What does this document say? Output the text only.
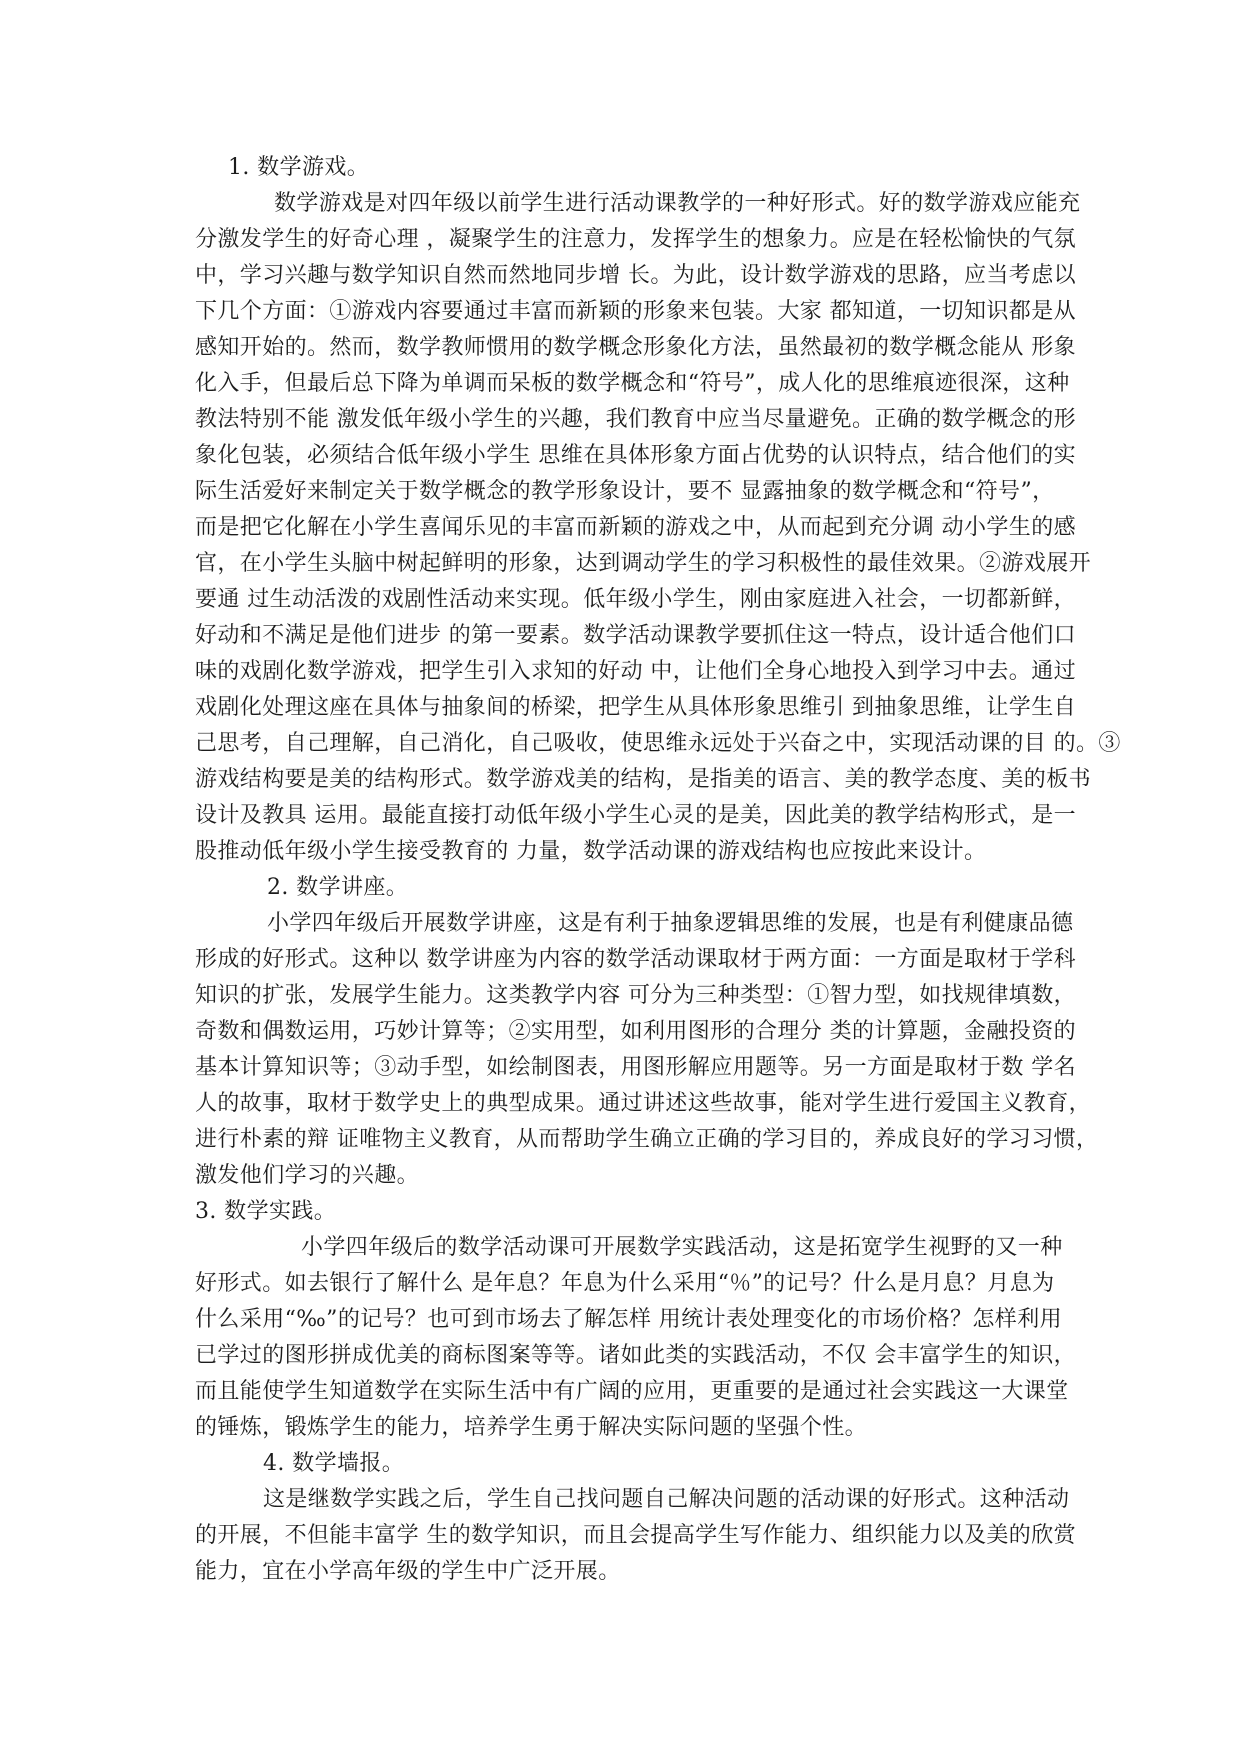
1. 数学游戏。
数学游戏是对四年级以前学生进行活动课教学的一种好形式。好的数学游戏应能充
分激发学生的好奇心理 ，凝聚学生的注意力，发挥学生的想象力。应是在轻松愉快的气氛
中，学习兴趣与数学知识自然而然地同步增 长。为此，设计数学游戏的思路，应当考虑以
下几个方面：①游戏内容要通过丰富而新颖的形象来包装。大家 都知道，一切知识都是从
感知开始的。然而，数学教师惯用的数学概念形象化方法，虽然最初的数学概念能从 形象
化入手，但最后总下降为单调而呆板的数学概念和“符号”，成人化的思维痕迹很深，这种
教法特别不能 激发低年级小学生的兴趣，我们教育中应当尽量避免。正确的数学概念的形
象化包装，必须结合低年级小学生 思维在具体形象方面占优势的认识特点，结合他们的实
际生活爱好来制定关于数学概念的教学形象设计，要不 显露抽象的数学概念和“符号”，
而是把它化解在小学生喜闻乐见的丰富而新颖的游戏之中，从而起到充分调 动小学生的感
官，在小学生头脑中树起鲜明的形象，达到调动学生的学习积极性的最佳效果。②游戏展开
要通 过生动活泼的戏剧性活动来实现。低年级小学生，刚由家庭进入社会，一切都新鲜，
好动和不满足是他们进步 的第一要素。数学活动课教学要抓住这一特点，设计适合他们口
味的戏剧化数学游戏，把学生引入求知的好动 中，让他们全身心地投入到学习中去。通过
戏剧化处理这座在具体与抽象间的桥梁，把学生从具体形象思维引 到抽象思维，让学生自
己思考，自己理解，自己消化，自己吸收，使思维永远处于兴奋之中，实现活动课的目 的。③
游戏结构要是美的结构形式。数学游戏美的结构，是指美的语言、美的教学态度、美的板书
设计及教具 运用。最能直接打动低年级小学生心灵的是美，因此美的教学结构形式，是一
股推动低年级小学生接受教育的 力量，数学活动课的游戏结构也应按此来设计。
2. 数学讲座。
小学四年级后开展数学讲座，这是有利于抽象逻辑思维的发展，也是有利健康品德
形成的好形式。这种以 数学讲座为内容的数学活动课取材于两方面：一方面是取材于学科
知识的扩张，发展学生能力。这类教学内容 可分为三种类型：①智力型，如找规律填数，
奇数和偶数运用，巧妙计算等；②实用型，如利用图形的合理分 类的计算题，金融投资的
基本计算知识等；③动手型，如绘制图表，用图形解应用题等。另一方面是取材于数 学名
人的故事，取材于数学史上的典型成果。通过讲述这些故事，能对学生进行爱国主义教育，
进行朴素的辩 证唯物主义教育，从而帮助学生确立正确的学习目的，养成良好的学习习惯，
激发他们学习的兴趣。
3. 数学实践。
小学四年级后的数学活动课可开展数学实践活动，这是拓宽学生视野的又一种
好形式。如去银行了解什么 是年息？年息为什么采用“％”的记号？什么是月息？月息为
什么采用“‰”的记号？也可到市场去了解怎样 用统计表处理变化的市场价格？怎样利用
已学过的图形拼成优美的商标图案等等。诸如此类的实践活动，不仅 会丰富学生的知识，
而且能使学生知道数学在实际生活中有广阔的应用，更重要的是通过社会实践这一大课堂
的锤炼，锻炼学生的能力，培养学生勇于解决实际问题的坚强个性。
4. 数学墙报。
这是继数学实践之后，学生自己找问题自己解决问题的活动课的好形式。这种活动
的开展，不但能丰富学 生的数学知识，而且会提高学生写作能力、组织能力以及美的欣赏
能力，宜在小学高年级的学生中广泛开展。
